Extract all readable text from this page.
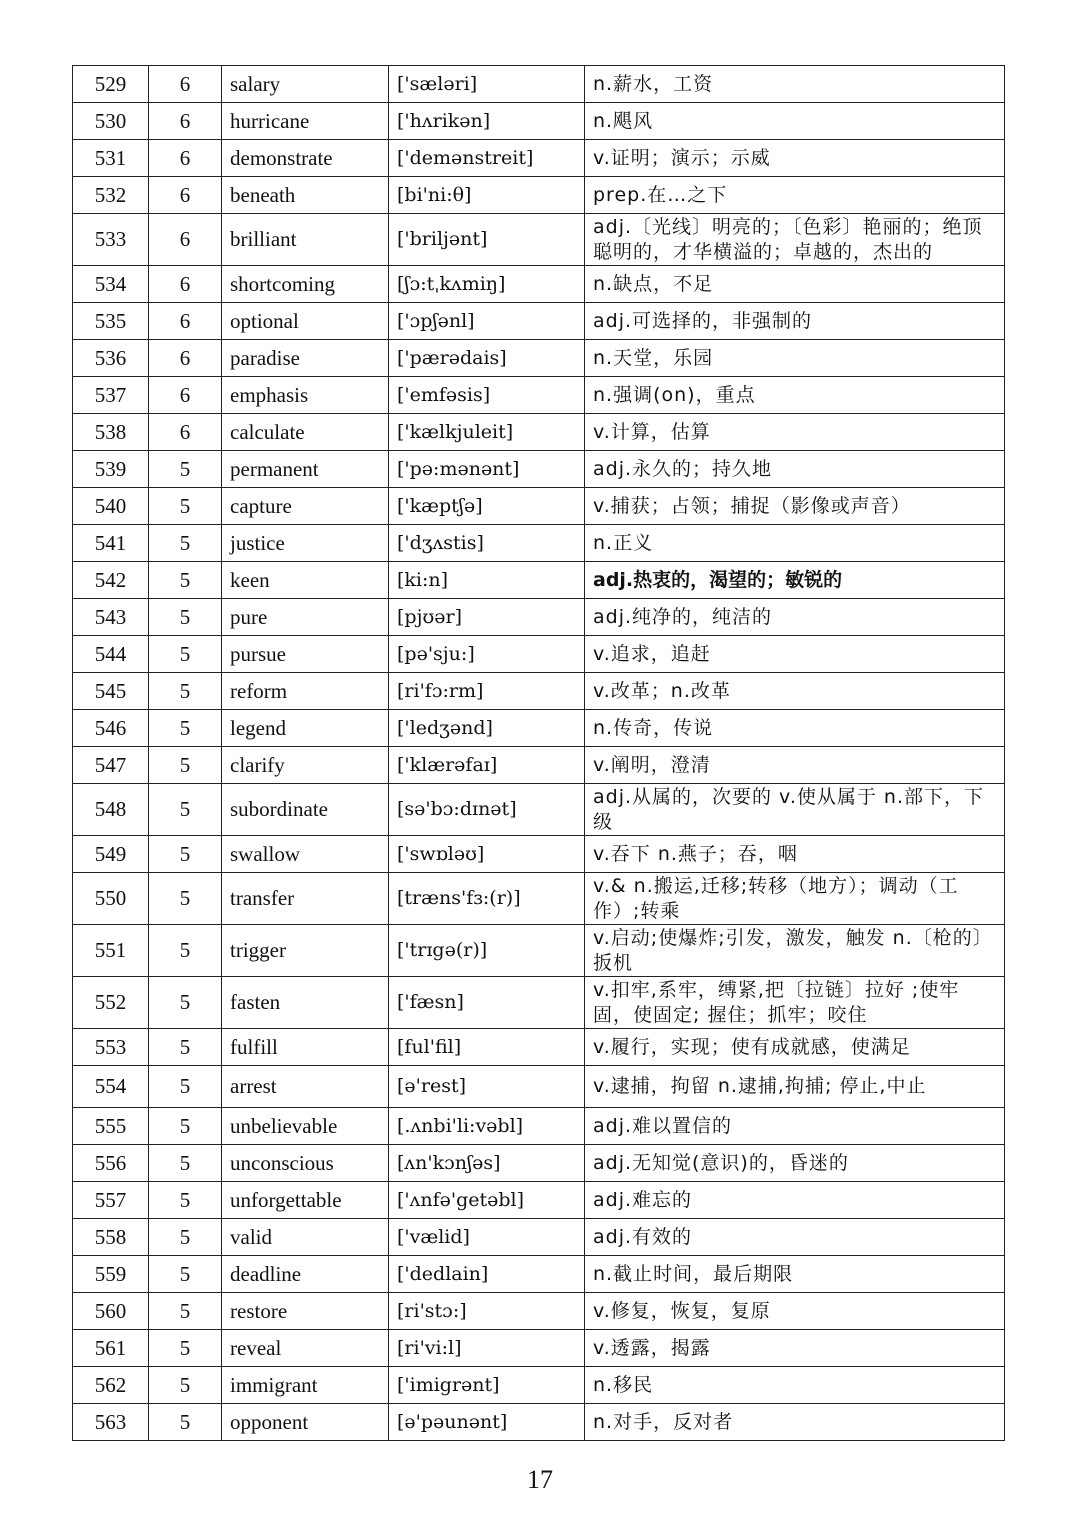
529	6	salary	['sæləri]	n.薪水，工资
530	6	hurricane	['hʌrikən]	n.飓风
531	6	demonstrate	['demənstreit]	v.证明；演示；示威
532	6	beneath	[bi'ni:θ]	prep.在…之下
533	6	brilliant	['briljənt]	adj.〔光线〕明亮的；〔色彩〕艳丽的；绝顶聪明的，才华横溢的；卓越的，杰出的
534	6	shortcoming	[ʃɔ:tˌkʌmiŋ]	n.缺点，不足
535	6	optional	['ɔpʃənl]	adj.可选择的，非强制的
536	6	paradise	['pærədais]	n.天堂，乐园
537	6	emphasis	['emfəsis]	n.强调(on)，重点
538	6	calculate	['kælkjuleit]	v.计算，估算
539	5	permanent	['pə:mənənt]	adj.永久的；持久地
540	5	capture	['kæptʃə]	v.捕获；占领；捕捉（影像或声音）
541	5	justice	['dʒʌstis]	n.正义
542	5	keen	[ki:n]	adj.热衷的，渴望的；敏锐的
543	5	pure	[pjʊər]	adj.纯净的，纯洁的
544	5	pursue	[pə'sju:]	v.追求，追赶
545	5	reform	[ri'fɔ:rm]	v.改革；n.改革
546	5	legend	['ledʒənd]	n.传奇，传说
547	5	clarify	['klærəfaɪ]	v.阐明，澄清
548	5	subordinate	[sə'bɔ:dɪnət]	adj.从属的，次要的 v.使从属于 n.部下，下级
549	5	swallow	['swɒləʊ]	v.吞下 n.燕子；吞，咽
550	5	transfer	[træns'fɜ:(r)]	v.& n.搬运,迁移;转移（地方）；调动（工作）;转乘
551	5	trigger	['trɪgə(r)]	v.启动;使爆炸;引发，激发，触发 n.〔枪的〕扳机
552	5	fasten	['fæsn]	v.扣牢,系牢，缚紧,把〔拉链〕拉好 ;使牢固，使固定; 握住；抓牢；咬住
553	5	fulfill	[ful'fil]	v.履行，实现；使有成就感，使满足
554	5	arrest	[ə'rest]	v.逮捕，拘留 n.逮捕,拘捕; 停止,中止
555	5	unbelievable	[.ʌnbi'li:vəbl]	adj.难以置信的
556	5	unconscious	[ʌn'kɔnʃəs]	adj.无知觉(意识)的，昏迷的
557	5	unforgettable	['ʌnfə'getəbl]	adj.难忘的
558	5	valid	['vælid]	adj.有效的
559	5	deadline	['dedlain]	n.截止时间，最后期限
560	5	restore	[ri'stɔ:]	v.修复，恢复，复原
561	5	reveal	[ri'vi:l]	v.透露，揭露
562	5	immigrant	['imigrənt]	n.移民
563	5	opponent	[ə'pəunənt]	n.对手，反对者
17
